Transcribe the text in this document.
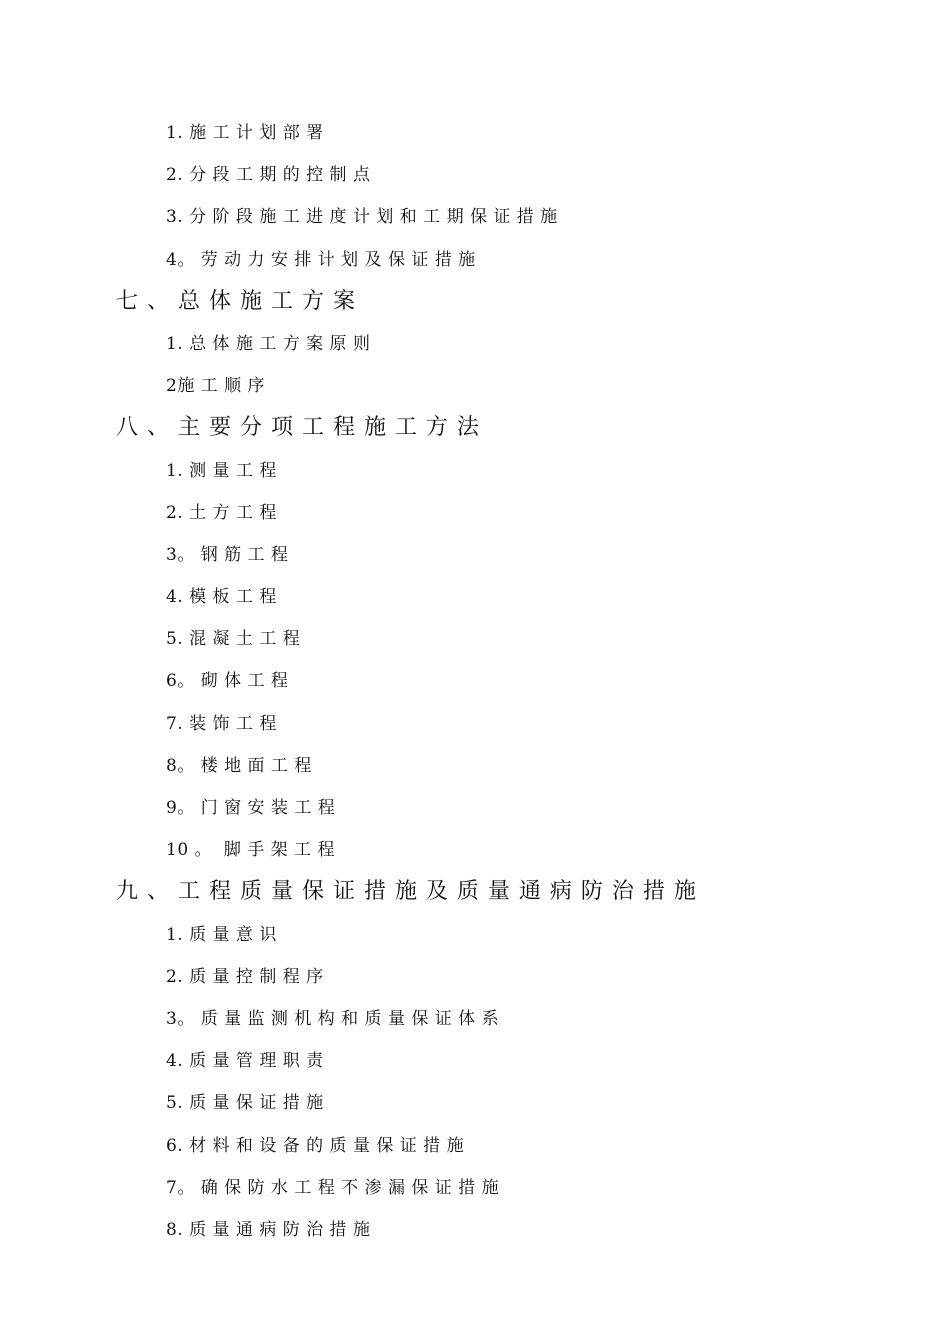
1. 施 工 计 划 部 署
2. 分 段 工 期 的 控 制 点
3. 分 阶 段 施 工 进 度 计 划 和 工 期 保 证 措 施
4。 劳 动 力 安 排 计 划 及 保 证 措 施
七 、 总 体 施 工 方 案
1. 总 体 施 工 方 案 原 则
2施 工 顺 序
八 、 主 要 分 项 工 程 施 工 方 法
1. 测 量 工 程
2. 土 方 工 程
3。 钢 筋 工 程
4. 模 板 工 程
5. 混 凝 土 工 程
6。 砌 体 工 程
7. 装 饰 工 程
8。 楼 地 面 工 程
9。 门 窗 安 装 工 程
10 。  脚 手 架 工 程
九 、 工 程 质 量 保 证 措 施 及 质 量 通 病 防 治 措 施
1. 质 量 意 识
2. 质 量 控 制 程 序
3。 质 量 监 测 机 构 和 质 量 保 证 体 系
4. 质 量 管 理 职 责
5. 质 量 保 证 措 施
6. 材 料 和 设 备 的 质 量 保 证 措 施
7。 确 保 防 水 工 程 不 渗 漏 保 证 措 施
8. 质 量 通 病 防 治 措 施
